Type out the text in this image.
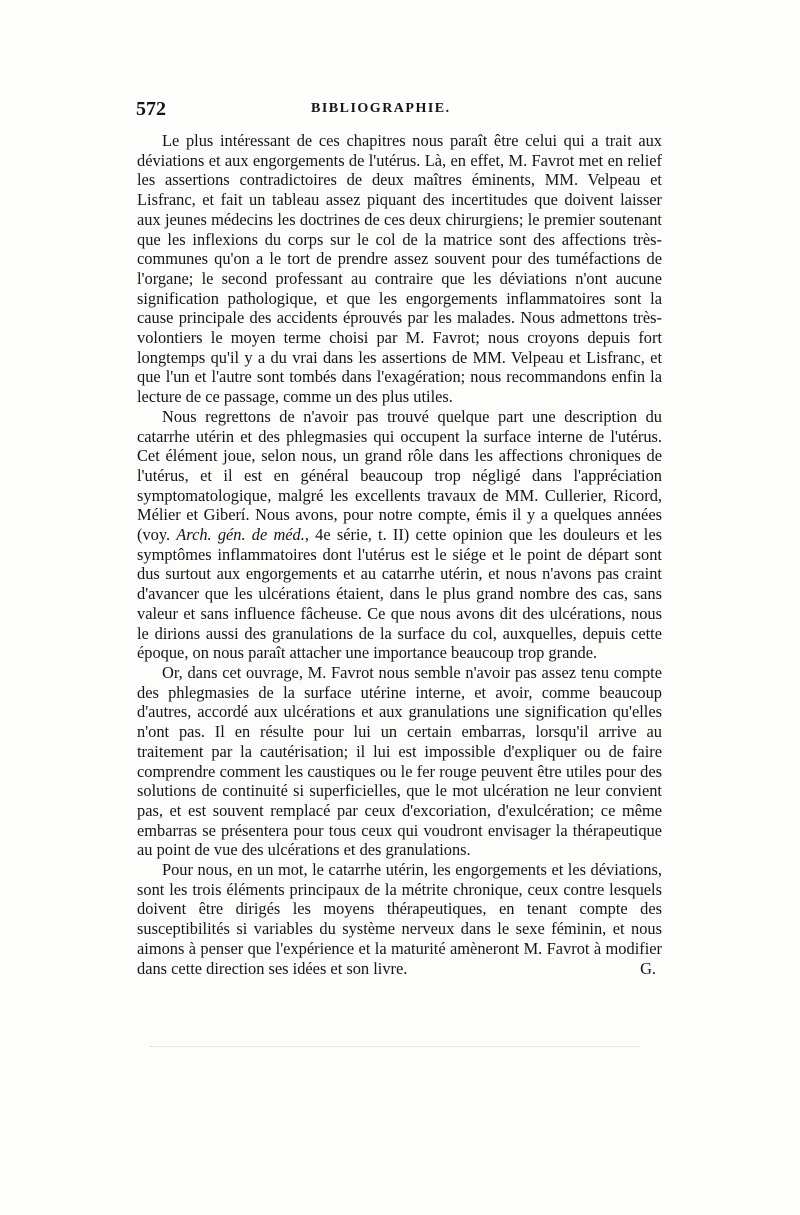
572	BIBLIOGRAPHIE.

Le plus intéressant de ces chapitres nous paraît être celui qui a trait aux déviations et aux engorgements de l'utérus. Là, en effet, M. Favrot met en relief les assertions contradictoires de deux maîtres éminents, MM. Velpeau et Lisfranc, et fait un tableau assez piquant des incertitudes que doivent laisser aux jeunes médecins les doctrines de ces deux chirurgiens; le premier soutenant que les inflexions du corps sur le col de la matrice sont des affections très-communes qu'on a le tort de prendre assez souvent pour des tuméfactions de l'organe; le second professant au contraire que les déviations n'ont aucune signification pathologique, et que les engorgements inflammatoires sont la cause principale des accidents éprouvés par les malades. Nous admettons très-volontiers le moyen terme choisi par M. Favrot; nous croyons depuis fort longtemps qu'il y a du vrai dans les assertions de MM. Velpeau et Lisfranc, et que l'un et l'autre sont tombés dans l'exagération; nous recommandons enfin la lecture de ce passage, comme un des plus utiles.

Nous regrettons de n'avoir pas trouvé quelque part une description du catarrhe utérin et des phlegmasies qui occupent la surface interne de l'utérus. Cet élément joue, selon nous, un grand rôle dans les affections chroniques de l'utérus, et il est en général beaucoup trop négligé dans l'appréciation symptomatologique, malgré les excellents travaux de MM. Cullerier, Ricord, Mélier et Giberí. Nous avons, pour notre compte, émis il y a quelques années (voy. Arch. gén. de méd., 4e série, t. II) cette opinion que les douleurs et les symptômes inflammatoires dont l'utérus est le siége et le point de départ sont dus surtout aux engorgements et au catarrhe utérin, et nous n'avons pas craint d'avancer que les ulcérations étaient, dans le plus grand nombre des cas, sans valeur et sans influence fâcheuse. Ce que nous avons dit des ulcérations, nous le dirions aussi des granulations de la surface du col, auxquelles, depuis cette époque, on nous paraît attacher une importance beaucoup trop grande.

Or, dans cet ouvrage, M. Favrot nous semble n'avoir pas assez tenu compte des phlegmasies de la surface utérine interne, et avoir, comme beaucoup d'autres, accordé aux ulcérations et aux granulations une signification qu'elles n'ont pas. Il en résulte pour lui un certain embarras, lorsqu'il arrive au traitement par la cautérisation; il lui est impossible d'expliquer ou de faire comprendre comment les caustiques ou le fer rouge peuvent être utiles pour des solutions de continuité si superficielles, que le mot ulcération ne leur convient pas, et est souvent remplacé par ceux d'excoriation, d'exulcération; ce même embarras se présentera pour tous ceux qui voudront envisager la thérapeutique au point de vue des ulcérations et des granulations.

Pour nous, en un mot, le catarrhe utérin, les engorgements et les déviations, sont les trois éléments principaux de la métrite chronique, ceux contre lesquels doivent être dirigés les moyens thérapeutiques, en tenant compte des susceptibilités si variables du système nerveux dans le sexe féminin, et nous aimons à penser que l'expérience et la maturité amèneront M. Favrot à modifier dans cette direction ses idées et son livre.	G.
